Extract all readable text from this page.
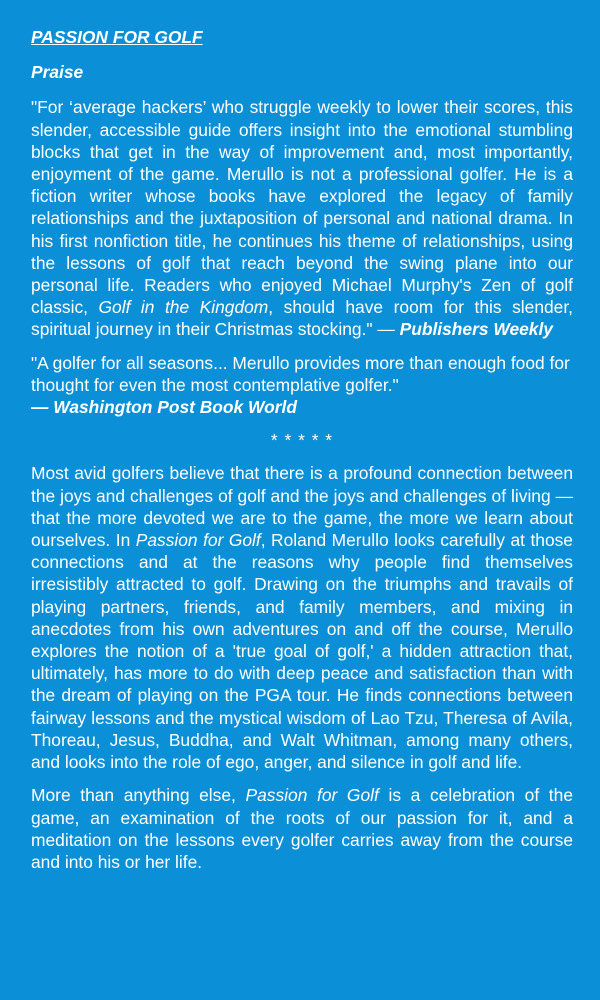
PASSION FOR GOLF
Praise

"For ‘average hackers’ who struggle weekly to lower their scores, this slender, accessible guide offers insight into the emotional stumbling blocks that get in the way of improvement and, most importantly, enjoyment of the game. Merullo is not a professional golfer. He is a fiction writer whose books have explored the legacy of family relationships and the juxtaposition of personal and national drama. In his first nonfiction title, he continues his theme of relationships, using the lessons of golf that reach beyond the swing plane into our personal life. Readers who enjoyed Michael Murphy's Zen of golf classic, Golf in the Kingdom, should have room for this slender, spiritual journey in their Christmas stocking." — Publishers Weekly

"A golfer for all seasons... Merullo provides more than enough food for thought for even the most contemplative golfer."
— Washington Post Book World

* * * * *

Most avid golfers believe that there is a profound connection between the joys and challenges of golf and the joys and challenges of living — that the more devoted we are to the game, the more we learn about ourselves. In Passion for Golf, Roland Merullo looks carefully at those connections and at the reasons why people find themselves irresistibly attracted to golf. Drawing on the triumphs and travails of playing partners, friends, and family members, and mixing in anecdotes from his own adventures on and off the course, Merullo explores the notion of a 'true goal of golf,' a hidden attraction that, ultimately, has more to do with deep peace and satisfaction than with the dream of playing on the PGA tour. He finds connections between fairway lessons and the mystical wisdom of Lao Tzu, Theresa of Avila, Thoreau, Jesus, Buddha, and Walt Whitman, among many others, and looks into the role of ego, anger, and silence in golf and life.

More than anything else, Passion for Golf is a celebration of the game, an examination of the roots of our passion for it, and a meditation on the lessons every golfer carries away from the course and into his or her life.
